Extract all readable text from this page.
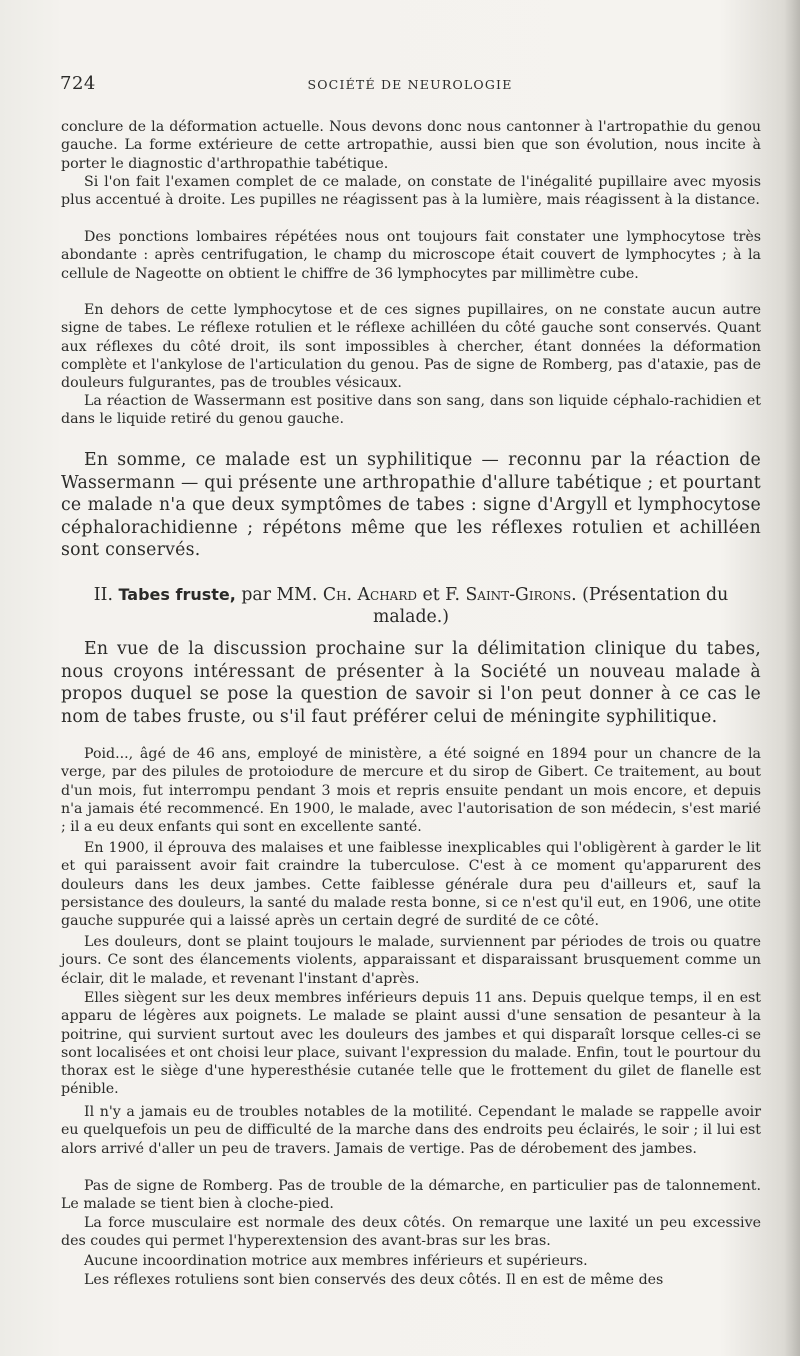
724	SOCIÉTÉ DE NEUROLOGIE

conclure de la déformation actuelle. Nous devons donc nous cantonner à l'artropathie du genou gauche. La forme extérieure de cette artropathie, aussi bien que son évolution, nous incite à porter le diagnostic d'arthropathie tabétique.

Si l'on fait l'examen complet de ce malade, on constate de l'inégalité pupillaire avec myosis plus accentué à droite. Les pupilles ne réagissent pas à la lumière, mais réagissent à la distance.

Des ponctions lombaires répétées nous ont toujours fait constater une lymphocytose très abondante : après centrifugation, le champ du microscope était couvert de lymphocytes ; à la cellule de Nageotte on obtient le chiffre de 36 lymphocytes par millimètre cube.

En dehors de cette lymphocytose et de ces signes pupillaires, on ne constate aucun autre signe de tabes. Le réflexe rotulien et le réflexe achilléen du côté gauche sont conservés. Quant aux réflexes du côté droit, ils sont impossibles à chercher, étant données la déformation complète et l'ankylose de l'articulation du genou. Pas de signe de Romberg, pas d'ataxie, pas de douleurs fulgurantes, pas de troubles vésicaux.

La réaction de Wassermann est positive dans son sang, dans son liquide céphalo-rachidien et dans le liquide retiré du genou gauche.

En somme, ce malade est un syphilitique — reconnu par la réaction de Wassermann — qui présente une arthropathie d'allure tabétique ; et pourtant ce malade n'a que deux symptômes de tabes : signe d'Argyll et lymphocytose céphalorachidienne ; répétons même que les réflexes rotulien et achilléen sont conservés.

II. Tabes fruste, par MM. Ch. Achard et F. Saint-Girons. (Présentation du malade.)

En vue de la discussion prochaine sur la délimitation clinique du tabes, nous croyons intéressant de présenter à la Société un nouveau malade à propos duquel se pose la question de savoir si l'on peut donner à ce cas le nom de tabes fruste, ou s'il faut préférer celui de méningite syphilitique.

Poid..., âgé de 46 ans, employé de ministère, a été soigné en 1894 pour un chancre de la verge, par des pilules de protoiodure de mercure et du sirop de Gibert. Ce traitement, au bout d'un mois, fut interrompu pendant 3 mois et repris ensuite pendant un mois encore, et depuis n'a jamais été recommencé. En 1900, le malade, avec l'autorisation de son médecin, s'est marié ; il a eu deux enfants qui sont en excellente santé.

En 1900, il éprouva des malaises et une faiblesse inexplicables qui l'obligèrent à garder le lit et qui paraissent avoir fait craindre la tuberculose. C'est à ce moment qu'apparurent des douleurs dans les deux jambes. Cette faiblesse générale dura peu d'ailleurs et, sauf la persistance des douleurs, la santé du malade resta bonne, si ce n'est qu'il eut, en 1906, une otite gauche suppurée qui a laissé après un certain degré de surdité de ce côté.

Les douleurs, dont se plaint toujours le malade, surviennent par périodes de trois ou quatre jours. Ce sont des élancements violents, apparaissant et disparaissant brusquement comme un éclair, dit le malade, et revenant l'instant d'après.

Elles siègent sur les deux membres inférieurs depuis 11 ans. Depuis quelque temps, il en est apparu de légères aux poignets. Le malade se plaint aussi d'une sensation de pesanteur à la poitrine, qui survient surtout avec les douleurs des jambes et qui disparaît lorsque celles-ci se sont localisées et ont choisi leur place, suivant l'expression du malade. Enfin, tout le pourtour du thorax est le siège d'une hyperesthésie cutanée telle que le frottement du gilet de flanelle est pénible.

Il n'y a jamais eu de troubles notables de la motilité. Cependant le malade se rappelle avoir eu quelquefois un peu de difficulté de la marche dans des endroits peu éclairés, le soir ; il lui est alors arrivé d'aller un peu de travers. Jamais de vertige. Pas de dérobement des jambes.

Pas de signe de Romberg. Pas de trouble de la démarche, en particulier pas de talonnement. Le malade se tient bien à cloche-pied.

La force musculaire est normale des deux côtés. On remarque une laxité un peu excessive des coudes qui permet l'hyperextension des avant-bras sur les bras.

Aucune incoordination motrice aux membres inférieurs et supérieurs.

Les réflexes rotuliens sont bien conservés des deux côtés. Il en est de même des
